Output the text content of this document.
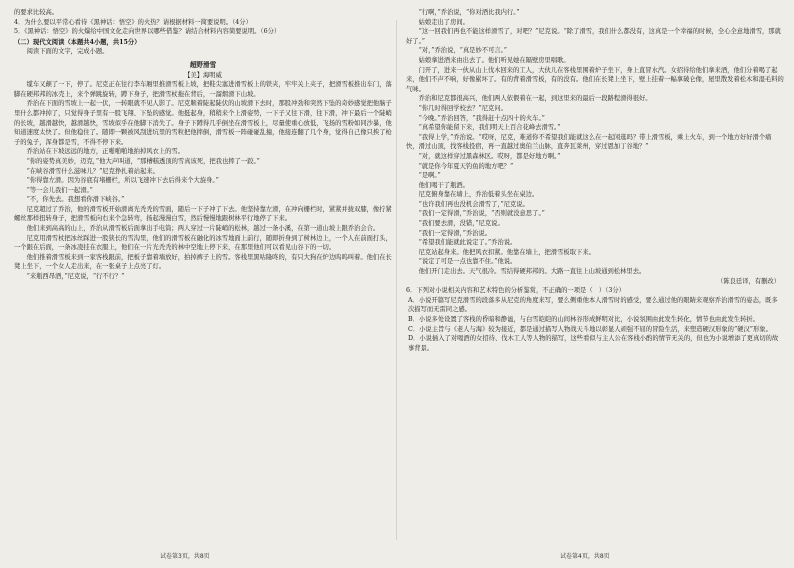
的要求比较高。

4．为什么要以平常心看待《黑神话：悟空》的火热？请根据材料一简要说明。（4分）

5．《黑神话：悟空》的火爆给中国文化走向世界以哪些借鉴？请结合材料内容简要说明。（6分）

（二）现代文阅读（本题共4小题，共15分）

阅读下面的文字，完成小题。

超野滑雪

【美】海明威

缆车又颠了一下，停了。尼克正在往行李车厢里推滑雪板上坡，把鞋尖塞进滑雪板上的铁夹，牢牢关上夹子，把滑雪板推出车门，落脚在硬邦邦的冰壳上，来个弹跳旋转，蹲下身子，把滑雪杖拖在背后，一溜烟滑下山坡。

乔治在下面的雪坡上一起一伏，一转眼就不见人影了。尼克顺着陡起陡伏的山坡滑下去时，那股冲劲和突然下坠的奇妙感觉把他脑子里什么都冲掉了，只觉得身子里有一股飞翔、下坠的感觉。他挺起身，稍稍来个上滑姿势，一下子又往下滑，往下滑，冲下最后一个陡峭的长坡，越滑越快，越滑越快，雪坡似乎在他脚下消失了。身子下蹲得几乎倒坐在滑雪板上，尽量使重心放低，飞扬的雪粉如同沙暴，他知道速度太快了。但他稳住了。随即一颗被风刮进坑里的雪粒把他摔倒，滑雪板一阵碰碰乱撞，他接连翻了几个身，觉得自己像只挨了枪子的兔子，浑身都是雪，不得不停下来。

乔治站在下坡远远的地方，正啪啪啪地拍掉风衣上的雪。

“你的姿势真美妙，迈克，”他大声叫道，“那槽糕透顶的雪真该死，把我也摔了一跤。”

“在峡谷滑雪什么滋味儿？”尼克挣扎着站起来。

“你得靠左滑。因为谷底有堵栅栏，所以飞速冲下去后得来个大旋身。”

“等一会儿我们一起滑。”

“不，你先去。我想看你滑下峡谷。”

尼克超过了乔治，他的滑雪板开始滑离光秃秃的雪面，随后一下子冲了下去。他坚持靠左滑，在冲向栅栏时，紧紧并拢双膝，像拧紧螺丝那样扭转身子，把滑雪板向右来个急转弯，扬起漫漫白雪，然后慢慢地跟树林平行地停了下来。

他们来到高高的山上，乔治从滑雪板后面拿出手电筒；两人穿过一片陡峭的松林，越过一条小溪，在第一道山坡上跟乔治会合。

尼克用滑雪杖把冰丝踩进一股狭长的雪沟里，他们的滑雪板在融化的冰雪地面上前行，随即折身到了树林边上，一个人在前面打头，一个跟在后面，一条冰凌挂在衣服上，他们在一片光秃秃的林中空地上停下来，在那里他们可以看见山谷下的一切。

他们推着滑雪板来到一家客栈跟前，把板子靠着墙放好，拍掉裤子上的雪。客栈里黑咕隆咚的，有只大狗在炉边呜呜叫着。他们在长凳上坐下，一个女人走出来，在一张桌子上点亮了灯。

“来瓶西昂酒，”尼克说，“行不行？”

“行啊，”乔治说，“你对酒比我内行。”

姑娘走出了房间。

“这一回我们再也不能这样滑雪了，对吧？”尼克说。“除了滑雪，我们什么都没有，这真是一个幸福的时候，全心全意地滑雪，那就好了。”

“对，”乔治说，“真是妙不可言。”

姑娘拿进酒来由出去了。他们听见她在隔壁房里唱歌。

门开了，进来一伙从山上伐木回来的工人，大伙儿在客栈里围着炉子坐下，身上直冒水汽。女招待给他们拿来酒，他们分着喝了起来，他们不声不响，好像累坏了。有的背着滑雪板，有的没有。他们在长凳上坐下，壁上挂着一幅拿破仑像，屋里散发着松木和湿毛料的气味。

乔治和尼克都很高兴，他们两人依偎着在一起，到这里来的最后一段路程滑得很好。

“你几时得回学校去？”尼克问。

“今晚。”乔治回答，“我得赶十点四十的火车。”

“真希望你能留下来，我们明天上百合花峰去滑雪。”

“我得上学，”乔治说。“哎呀，尼克，难道你不希望我们能就这么在一起闲逛吗？带上滑雪板，乘上火车，到一个地方好好滑个痛快，滑过山顶，找客栈投宿，再一直越过奥伯兰山脉，直奔瓦莱州，穿过恩加丁谷地？”

“对，就这样穿过黑森林区。哎呀，都是好地方啊。”

“就是你今年夏天钓鱼的地方吧？”

“是啊。”

他们喝干了瓶酒。

尼克俯身靠在墙上，乔治低着头坐在桌边。

“也许我们再也没机会滑雪了，”尼克说。

“我们一定得滑，”乔治说，“否则就没意思了。”

“我们要去滑，没错，”尼克说。

“我们一定得滑，”乔治说。

“希望我们能就此说定了。”乔治说。

尼克站起身来。他把风衣扣紧。他靠在墙上，把滑雪板取下来。

“说定了可是一点也靠不住。”他说。

他们开门走出去。天气很冷。雪结得硬邦邦的。大路一直往上山坡通到松林里去。

（陈良廷译，有删改）

6．下列对小说相关内容和艺术特色的分析鉴赏，不正确的一项是（　）（3分）

A．小说开篇写尼克滑雪的段落多从尼克的角度来写，要么侧重他本人滑雪时的感受，要么通过他的眼睛来观察乔治滑雪的姿态，既多次描写而无雷同之感。

B．小说多处设置了客栈的昏暗和静谧，与白雪皑皑的山间林谷形成鲜明对比，小说氛围由此发生转化，情节也由此发生转折。

C．小说主旨与《老人与海》较为接近，都是通过描写人物战天斗地以彰显人顽强不屈的冒险生活，来塑造硬汉形象的“硬汉”形象。

D．小说插入了对喝酒的女招待、伐木工人等人物的描写，这些看似与主人公在客栈小酌的情节无关的，但也为小说增添了更真切的故事背景。

试卷第3页，共8页	试卷第4页，共8页
